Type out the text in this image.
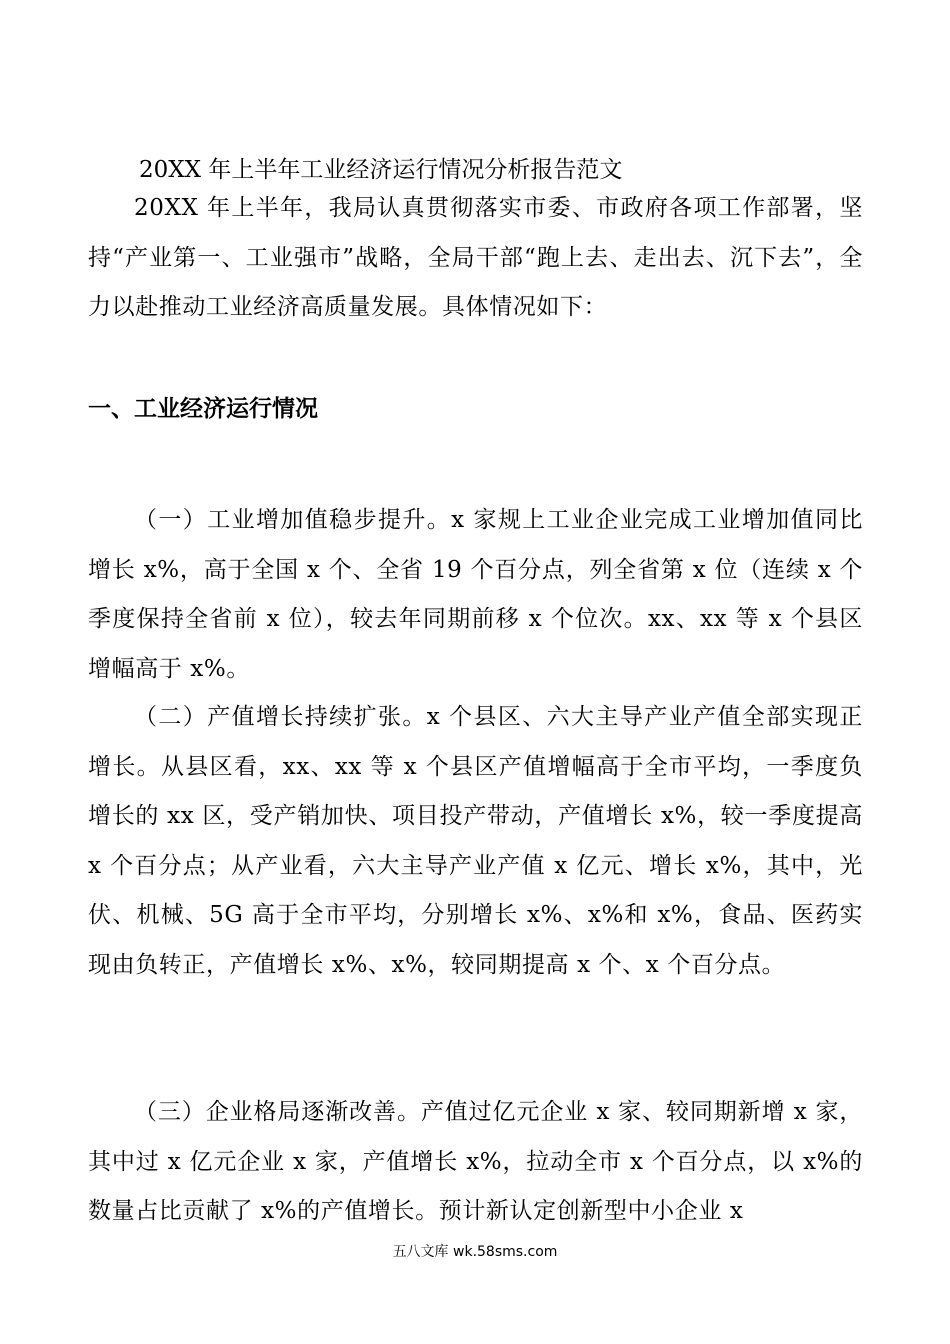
20XX 年上半年工业经济运行情况分析报告范文

20XX 年上半年，我局认真贯彻落实市委、市政府各项工作部署，坚持“产业第一、工业强市”战略，全局干部“跑上去、走出去、沉下去”，全力以赴推动工业经济高质量发展。具体情况如下：

一、工业经济运行情况

（一）工业增加值稳步提升。x 家规上工业企业完成工业增加值同比增长 x%，高于全国 x 个、全省 19 个百分点，列全省第 x 位（连续 x 个季度保持全省前 x 位），较去年同期前移 x 个位次。xx、xx 等 x 个县区增幅高于 x%。

（二）产值增长持续扩张。x 个县区、六大主导产业产值全部实现正增长。从县区看，xx、xx 等 x 个县区产值增幅高于全市平均，一季度负增长的 xx 区，受产销加快、项目投产带动，产值增长 x%，较一季度提高 x 个百分点；从产业看，六大主导产业产值 x 亿元、增长 x%，其中，光伏、机械、5G 高于全市平均，分别增长 x%、x%和 x%，食品、医药实现由负转正，产值增长 x%、x%，较同期提高 x 个、x 个百分点。

（三）企业格局逐渐改善。产值过亿元企业 x 家、较同期新增 x 家，其中过 x 亿元企业 x 家，产值增长 x%，拉动全市 x 个百分点，以 x%的数量占比贡献了 x%的产值增长。预计新认定创新型中小企业 x

五八文库 wk.58sms.com
